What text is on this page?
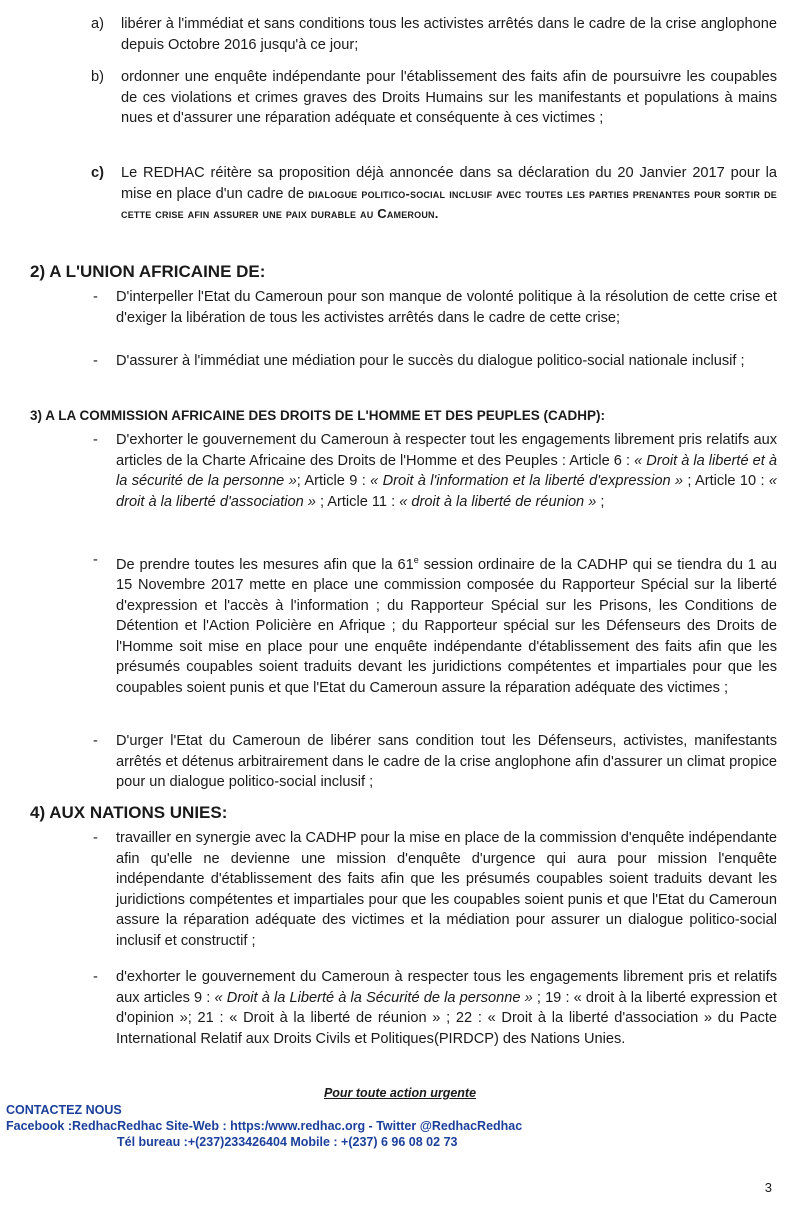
a) libérer à l'immédiat et sans conditions tous les activistes arrêtés dans le cadre de la crise anglophone depuis Octobre 2016 jusqu'à ce jour;
b) ordonner une enquête indépendante pour l'établissement des faits afin de poursuivre les coupables de ces violations et crimes graves des Droits Humains sur les manifestants et populations à mains nues et d'assurer une réparation adéquate et conséquente à ces victimes ;
c) Le REDHAC réitère sa proposition déjà annoncée dans sa déclaration du 20 Janvier 2017 pour la mise en place d'un cadre de dialogue politico-social inclusif avec toutes les parties prenantes pour sortir de cette crise afin assurer une paix durable au Cameroun.
2) A L'UNION AFRICAINE DE:
- D'interpeller l'Etat du Cameroun pour son manque de volonté politique à la résolution de cette crise et d'exiger la libération de tous les activistes arrêtés dans le cadre de cette crise;
- D'assurer à l'immédiat une médiation pour le succès du dialogue politico-social nationale inclusif ;
3) A LA COMMISSION AFRICAINE DES DROITS DE L'HOMME ET DES PEUPLES (CADHP):
- D'exhorter le gouvernement du Cameroun à respecter tout les engagements librement pris relatifs aux articles de la Charte Africaine des Droits de l'Homme et des Peuples : Article 6 : « Droit à la liberté et à la sécurité de la personne »; Article 9 : « Droit à l'information et la liberté d'expression » ; Article 10 : « droit à la liberté d'association » ; Article 11 : « droit à la liberté de réunion » ;
- De prendre toutes les mesures afin que la 61e session ordinaire de la CADHP qui se tiendra du 1 au 15 Novembre 2017 mette en place une commission composée du Rapporteur Spécial sur la liberté d'expression et l'accès à l'information ; du Rapporteur Spécial sur les Prisons, les Conditions de Détention et l'Action Policière en Afrique ; du Rapporteur spécial sur les Défenseurs des Droits de l'Homme soit mise en place pour une enquête indépendante d'établissement des faits afin que les présumés coupables soient traduits devant les juridictions compétentes et impartiales pour que les coupables soient punis et que l'Etat du Cameroun assure la réparation adéquate des victimes ;
- D'urger l'Etat du Cameroun de libérer sans condition tout les Défenseurs, activistes, manifestants arrêtés et détenus arbitrairement dans le cadre de la crise anglophone afin d'assurer un climat propice pour un dialogue politico-social inclusif ;
4) AUX NATIONS UNIES:
- travailler en synergie avec la CADHP pour la mise en place de la commission d'enquête indépendante afin qu'elle ne devienne une mission d'enquête d'urgence qui aura pour mission l'enquête indépendante d'établissement des faits afin que les présumés coupables soient traduits devant les juridictions compétentes et impartiales pour que les coupables soient punis et que l'Etat du Cameroun assure la réparation adéquate des victimes et la médiation pour assurer un dialogue politico-social inclusif et constructif ;
- d'exhorter le gouvernement du Cameroun à respecter tous les engagements librement pris et relatifs aux articles 9 : « Droit à la Liberté à la Sécurité de la personne » ; 19 : « droit à la liberté expression et d'opinion »; 21 : « Droit à la liberté de réunion » ; 22 : « Droit à la liberté d'association » du Pacte International Relatif aux Droits Civils et Politiques(PIRDCP) des Nations Unies.
Pour toute action urgente
CONTACTEZ NOUS
Facebook :RedhacRedhac Site-Web : https:/www.redhac.org - Twitter @RedhacRedhac
Tél bureau :+(237)233426404 Mobile : +(237) 6 96 08 02 73
3
